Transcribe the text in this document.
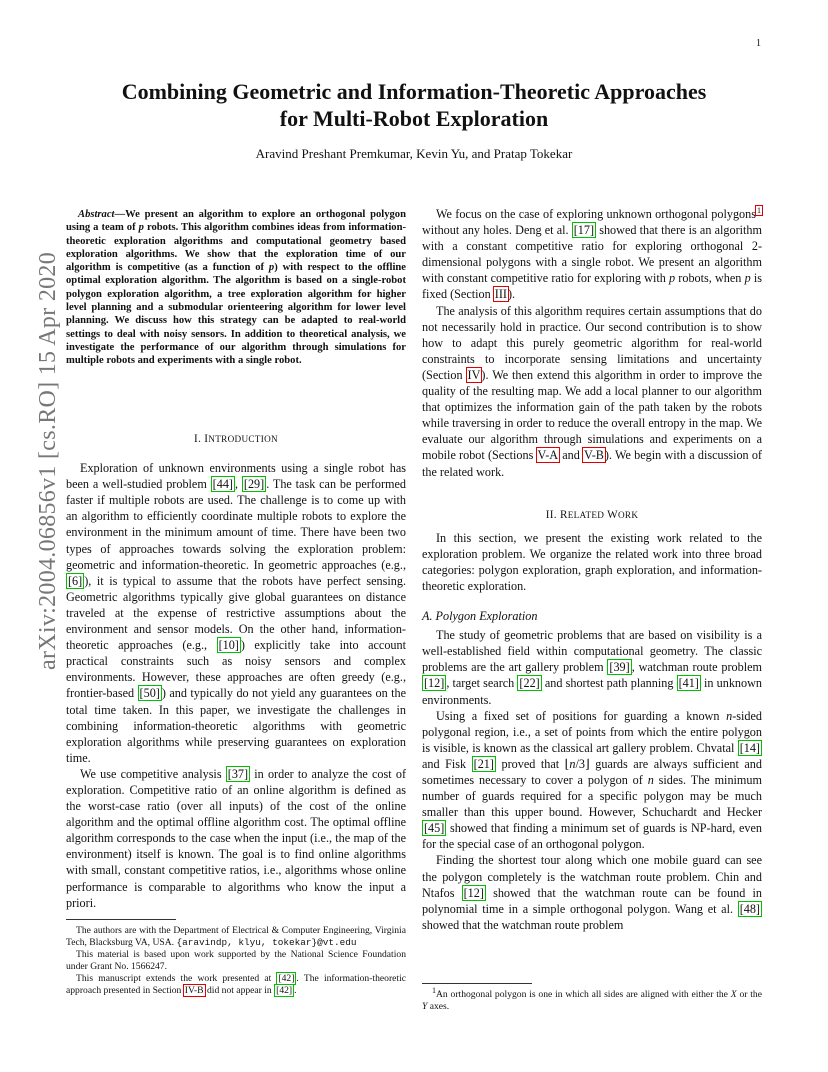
1
arXiv:2004.06856v1 [cs.RO] 15 Apr 2020
Combining Geometric and Information-Theoretic Approaches
for Multi-Robot Exploration
Aravind Preshant Premkumar, Kevin Yu, and Pratap Tokekar

Abstract—We present an algorithm to explore an orthogonal polygon using a team of p robots. This algorithm combines ideas from information-theoretic exploration algorithms and computational geometry based exploration algorithms. We show that the exploration time of our algorithm is competitive (as a function of p) with respect to the offline optimal exploration algorithm. The algorithm is based on a single-robot polygon exploration algorithm, a tree exploration algorithm for higher level planning and a submodular orienteering algorithm for lower level planning. We discuss how this strategy can be adapted to real-world settings to deal with noisy sensors. In addition to theoretical analysis, we investigate the performance of our algorithm through simulations for multiple robots and experiments with a single robot.

I. INTRODUCTION

Exploration of unknown environments using a single robot has been a well-studied problem [44] , [29] . The task can be performed faster if multiple robots are used. The challenge is to come up with an algorithm to efficiently coordinate multiple robots to explore the environment in the minimum amount of time. There have been two types of approaches towards solving the exploration problem: geometric and information-theoretic. In geometric approaches (e.g., [6] ), it is typical to assume that the robots have perfect sensing. Geometric algorithms typically give global guarantees on distance traveled at the expense of restrictive assumptions about the environment and sensor models. On the other hand, information-theoretic approaches (e.g., [10] ) explicitly take into account practical constraints such as noisy sensors and complex environments. However, these approaches are often greedy (e.g., frontier-based [50] ) and typically do not yield any guarantees on the total time taken. In this paper, we investigate the challenges in combining information-theoretic algorithms with geometric exploration algorithms while preserving guarantees on exploration time.

We use competitive analysis [37] in order to analyze the cost of exploration. Competitive ratio of an online algorithm is defined as the worst-case ratio (over all inputs) of the cost of the online algorithm and the optimal offline algorithm cost. The optimal offline algorithm corresponds to the case when the input (i.e., the map of the environment) itself is known. The goal is to find online algorithms with small, constant competitive ratios, i.e., algorithms whose online performance is comparable to algorithms who know the input a priori.

The authors are with the Department of Electrical & Computer Engineering, Virginia Tech, Blacksburg VA, USA. {aravindp, klyu, tokekar}@vt.edu

This material is based upon work supported by the National Science Foundation under Grant No. 1566247.

This manuscript extends the work presented at [42] . The information-theoretic approach presented in Section IV-B did not appear in [42] .

We focus on the case of exploring unknown orthogonal polygons$^1$ without any holes. Deng et al. [17] showed that there is an algorithm with a constant competitive ratio for exploring orthogonal 2-dimensional polygons with a single robot. We present an algorithm with constant competitive ratio for exploring with p robots, when p is fixed (Section III).

The analysis of this algorithm requires certain assumptions that do not necessarily hold in practice. Our second contribution is to show how to adapt this purely geometric algorithm for real-world constraints to incorporate sensing limitations and uncertainty (Section IV). We then extend this algorithm in order to improve the quality of the resulting map. We add a local planner to our algorithm that optimizes the information gain of the path taken by the robots while traversing in order to reduce the overall entropy in the map. We evaluate our algorithm through simulations and experiments on a mobile robot (Sections V-A and V-B). We begin with a discussion of the related work.

II. RELATED WORK

In this section, we present the existing work related to the exploration problem. We organize the related work into three broad categories: polygon exploration, graph exploration, and information-theoretic exploration.

A. Polygon Exploration

The study of geometric problems that are based on visibility is a well-established field within computational geometry. The classic problems are the art gallery problem [39] , watchman route problem [12] , target search [22] and shortest path planning [41] in unknown environments.

Using a fixed set of positions for guarding a known n-sided polygonal region, i.e., a set of points from which the entire polygon is visible, is known as the classical art gallery problem. Chvatal [14] and Fisk [21] proved that ⌊n/3⌋ guards are always sufficient and sometimes necessary to cover a polygon of n sides. The minimum number of guards required for a specific polygon may be much smaller than this upper bound. However, Schuchardt and Hecker [45] showed that finding a minimum set of guards is NP-hard, even for the special case of an orthogonal polygon.

Finding the shortest tour along which one mobile guard can see the polygon completely is the watchman route problem. Chin and Ntafos [12] showed that the watchman route can be found in polynomial time in a simple orthogonal polygon. Wang et al. [48] showed that the watchman route problem

$^1$An orthogonal polygon is one in which all sides are aligned with either the X or the Y axes.
